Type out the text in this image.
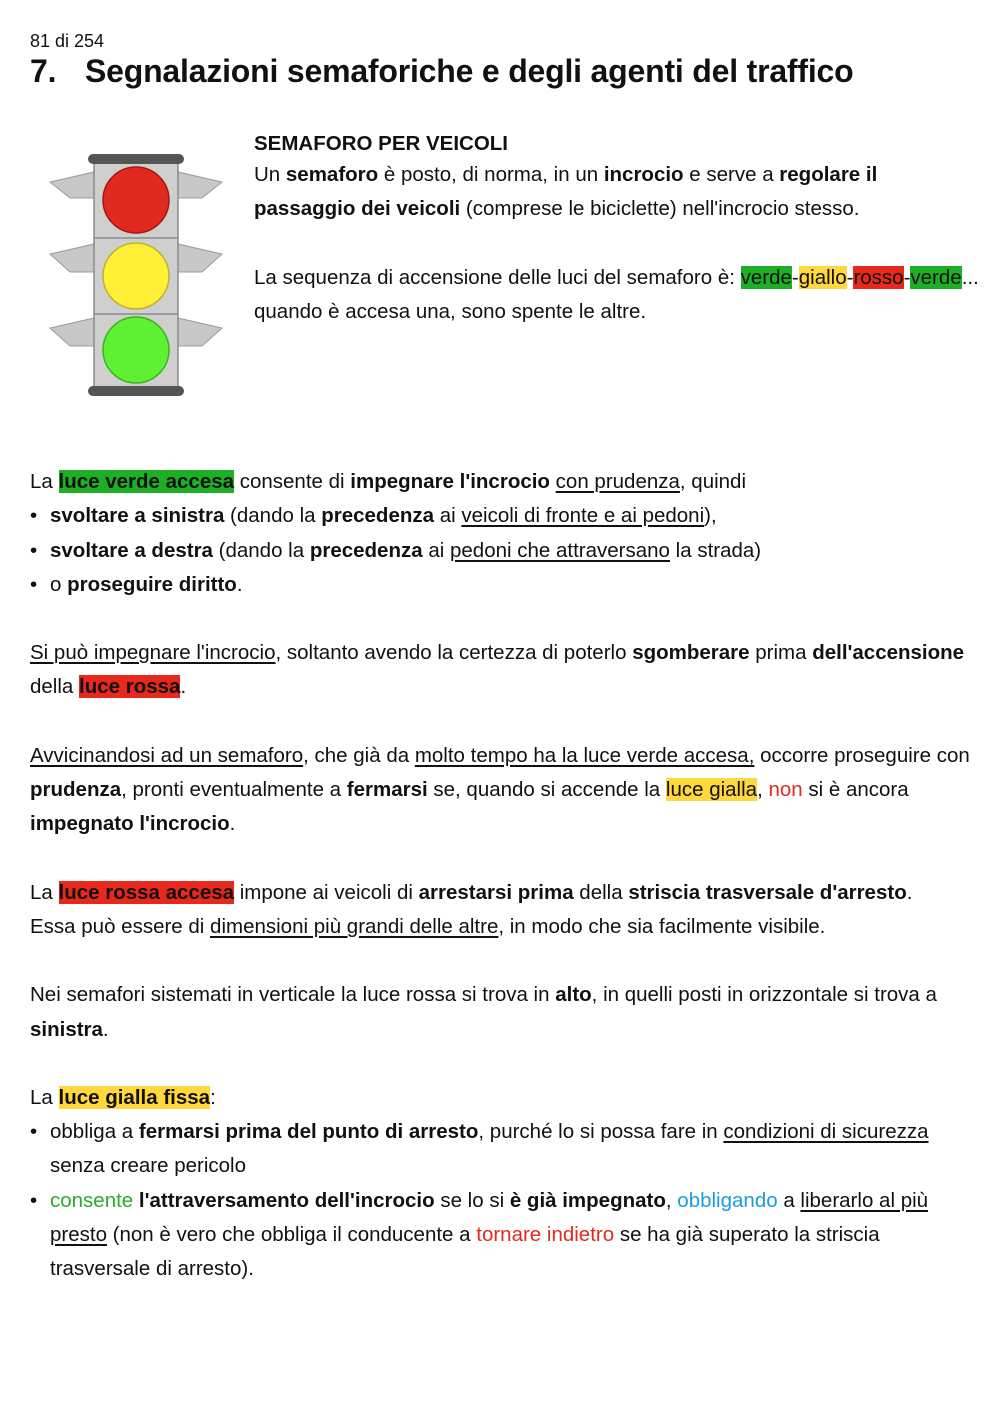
81 di 254
7. Segnalazioni semaforiche e degli agenti del traffico

SEMAFORO PER VEICOLI

Un semaforo è posto, di norma, in un incrocio e serve a regolare il passaggio dei veicoli (comprese le biciclette) nell'incrocio stesso.

La sequenza di accensione delle luci del semaforo è: verde-giallo-rosso-verde... quando è accesa una, sono spente le altre.

La luce verde accesa consente di impegnare l'incrocio con prudenza, quindi

• svoltare a sinistra (dando la precedenza ai veicoli di fronte e ai pedoni),

• svoltare a destra (dando la precedenza ai pedoni che attraversano la strada)

• o proseguire diritto.

Si può impegnare l'incrocio, soltanto avendo la certezza di poterlo sgomberare prima dell'accensione della luce rossa.

Avvicinandosi ad un semaforo, che già da molto tempo ha la luce verde accesa, occorre proseguire con prudenza, pronti eventualmente a fermarsi se, quando si accende la luce gialla, non si è ancora impegnato l'incrocio.

La luce rossa accesa impone ai veicoli di arrestarsi prima della striscia trasversale d'arresto.

Essa può essere di dimensioni più grandi delle altre, in modo che sia facilmente visibile.

Nei semafori sistemati in verticale la luce rossa si trova in alto, in quelli posti in orizzontale si trova a sinistra.

La luce gialla fissa:

• obbliga a fermarsi prima del punto di arresto, purché lo si possa fare in condizioni di sicurezza senza creare pericolo

• consente l'attraversamento dell'incrocio se lo si è già impegnato, obbligando a liberarlo al più presto (non è vero che obbliga il conducente a tornare indietro se ha già superato la striscia trasversale di arresto).
